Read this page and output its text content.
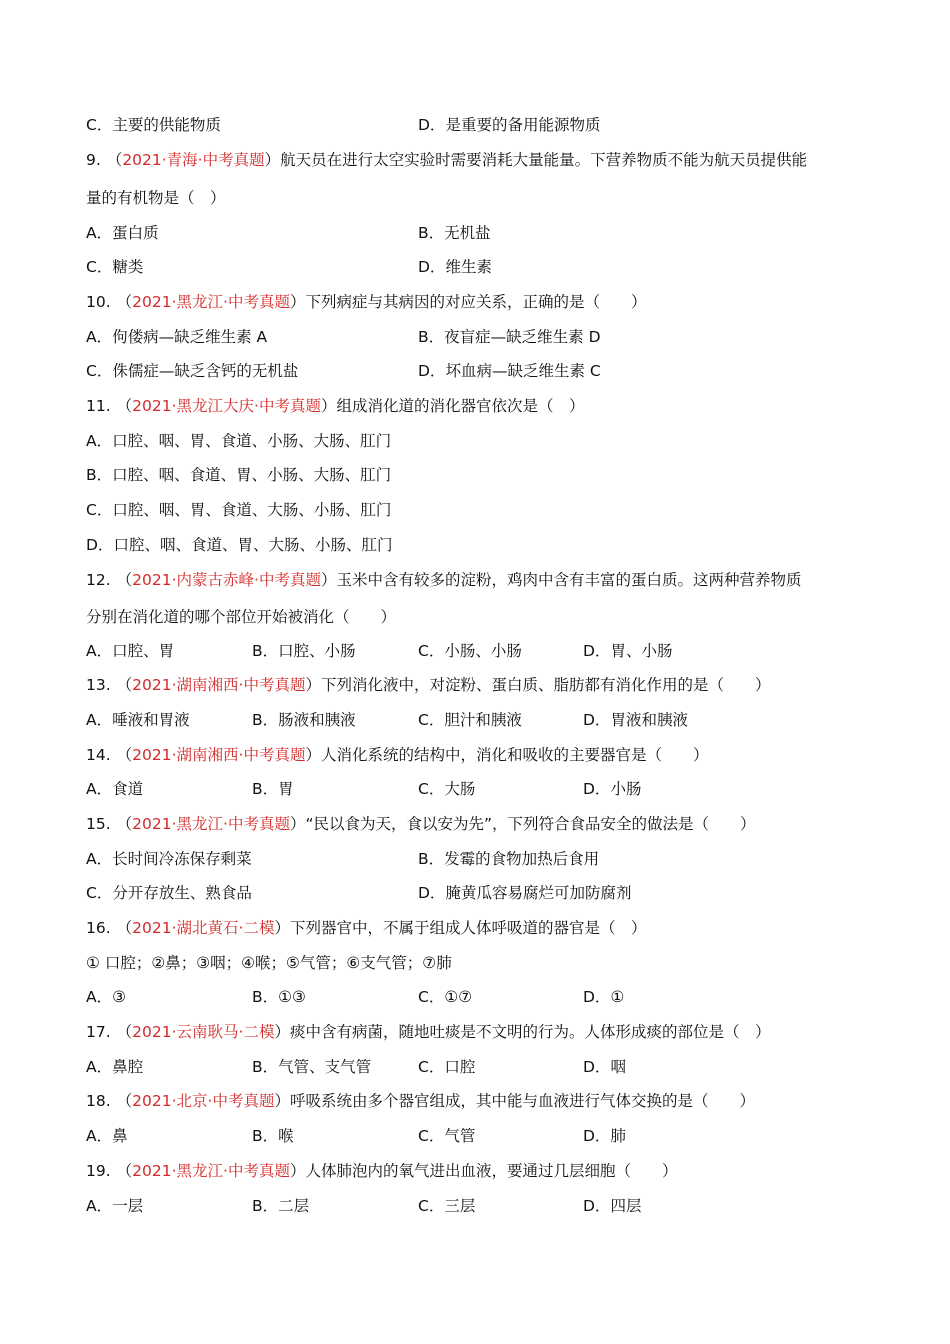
C．主要的供能物质	D．是重要的备用能源物质
9. （2021·青海·中考真题）航天员在进行太空实验时需要消耗大量能量。下营养物质不能为航天员提供能
量的有机物是（　）
A．蛋白质	B．无机盐
C．糖类	D．维生素
10. （2021·黑龙江·中考真题）下列病症与其病因的对应关系，正确的是（　　）
A．佝偻病—缺乏维生素 A	B．夜盲症—缺乏维生素 D
C．侏儒症—缺乏含钙的无机盐	D．坏血病—缺乏维生素 C
11. （2021·黑龙江大庆·中考真题）组成消化道的消化器官依次是（　）
A．口腔、咽、胃、食道、小肠、大肠、肛门
B．口腔、咽、食道、胃、小肠、大肠、肛门
C．口腔、咽、胃、食道、大肠、小肠、肛门
D．口腔、咽、食道、胃、大肠、小肠、肛门
12. （2021·内蒙古赤峰·中考真题）玉米中含有较多的淀粉，鸡肉中含有丰富的蛋白质。这两种营养物质
分别在消化道的哪个部位开始被消化（　　）
A．口腔、胃	B．口腔、小肠	C．小肠、小肠	D．胃、小肠
13. （2021·湖南湘西·中考真题）下列消化液中，对淀粉、蛋白质、脂肪都有消化作用的是（　　）
A．唾液和胃液	B．肠液和胰液	C．胆汁和胰液	D．胃液和胰液
14. （2021·湖南湘西·中考真题）人消化系统的结构中，消化和吸收的主要器官是（　　）
A．食道	B．胃	C．大肠	D．小肠
15. （2021·黑龙江·中考真题）“民以食为天，食以安为先”，下列符合食品安全的做法是（　　）
A．长时间冷冻保存剩菜	B．发霉的食物加热后食用
C．分开存放生、熟食品	D．腌黄瓜容易腐烂可加防腐剂
16. （2021·湖北黄石·二模）下列器官中，不属于组成人体呼吸道的器官是（　）
① 口腔；②鼻；③咽；④喉；⑤气管；⑥支气管；⑦肺
A．③	B．①③	C．①⑦	D．①
17. （2021·云南耿马·二模）痰中含有病菌，随地吐痰是不文明的行为。人体形成痰的部位是（　）
A．鼻腔	B．气管、支气管	C．口腔	D．咽
18. （2021·北京·中考真题）呼吸系统由多个器官组成，其中能与血液进行气体交换的是（　　）
A．鼻	B．喉	C．气管	D．肺
19. （2021·黑龙江·中考真题）人体肺泡内的氧气进出血液，要通过几层细胞（　　）
A．一层	B．二层	C．三层	D．四层
